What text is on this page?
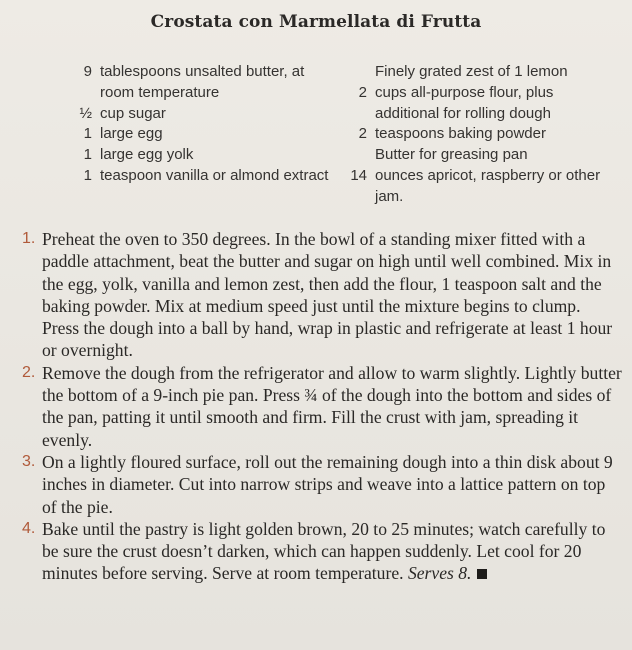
Crostata con Marmellata di Frutta
9 tablespoons unsalted butter, at room temperature
½ cup sugar
1 large egg
1 large egg yolk
1 teaspoon vanilla or almond extract
Finely grated zest of 1 lemon
2 cups all-purpose flour, plus additional for rolling dough
2 teaspoons baking powder
Butter for greasing pan
14 ounces apricot, raspberry or other jam.
1. Preheat the oven to 350 degrees. In the bowl of a standing mixer fitted with a paddle attachment, beat the butter and sugar on high until well combined. Mix in the egg, yolk, vanilla and lemon zest, then add the flour, 1 teaspoon salt and the baking powder. Mix at medium speed just until the mixture begins to clump. Press the dough into a ball by hand, wrap in plastic and refrigerate at least 1 hour or overnight.
2. Remove the dough from the refrigerator and allow to warm slightly. Lightly butter the bottom of a 9-inch pie pan. Press ¾ of the dough into the bottom and sides of the pan, patting it until smooth and firm. Fill the crust with jam, spreading it evenly.
3. On a lightly floured surface, roll out the remaining dough into a thin disk about 9 inches in diameter. Cut into narrow strips and weave into a lattice pattern on top of the pie.
4. Bake until the pastry is light golden brown, 20 to 25 minutes; watch carefully to be sure the crust doesn’t darken, which can happen suddenly. Let cool for 20 minutes before serving. Serve at room temperature. Serves 8.
